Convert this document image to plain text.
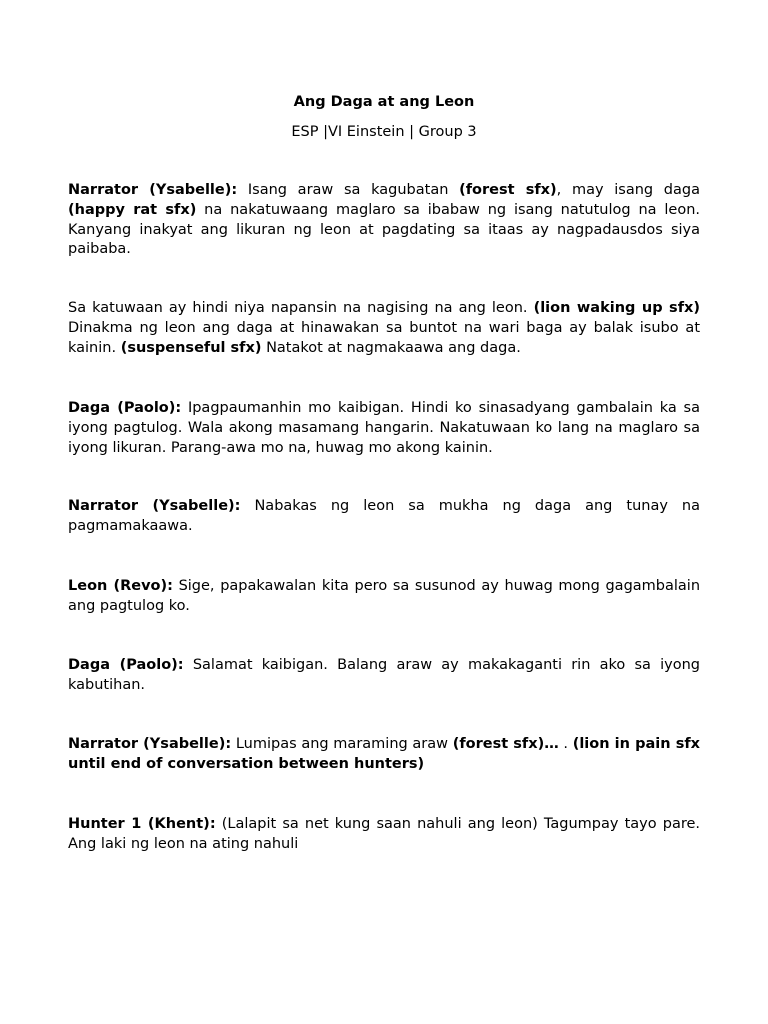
Ang Daga at ang Leon
ESP |VI Einstein | Group 3

Narrator (Ysabelle): Isang araw sa kagubatan (forest sfx), may isang daga (happy rat sfx) na nakatuwaang maglaro sa ibabaw ng isang natutulog na leon. Kanyang inakyat ang likuran ng leon at pagdating sa itaas ay nagpadausdos siya paibaba.

Sa katuwaan ay hindi niya napansin na nagising na ang leon. (lion waking up sfx) Dinakma ng leon ang daga at hinawakan sa buntot na wari baga ay balak isubo at kainin. (suspenseful sfx) Natakot at nagmakaawa ang daga.

Daga (Paolo): Ipagpaumanhin mo kaibigan. Hindi ko sinasadyang gambalain ka sa iyong pagtulog. Wala akong masamang hangarin. Nakatuwaan ko lang na maglaro sa iyong likuran. Parang-awa mo na, huwag mo akong kainin.

Narrator (Ysabelle): Nabakas ng leon sa mukha ng daga ang tunay na pagmamakaawa.

Leon (Revo): Sige, papakawalan kita pero sa susunod ay huwag mong gagambalain ang pagtulog ko.

Daga (Paolo): Salamat kaibigan. Balang araw ay makakaganti rin ako sa iyong kabutihan.

Narrator (Ysabelle): Lumipas ang maraming araw (forest sfx)… . (lion in pain sfx until end of conversation between hunters)

Hunter 1 (Khent): (Lalapit sa net kung saan nahuli ang leon) Tagumpay tayo pare. Ang laki ng leon na ating nahuli
